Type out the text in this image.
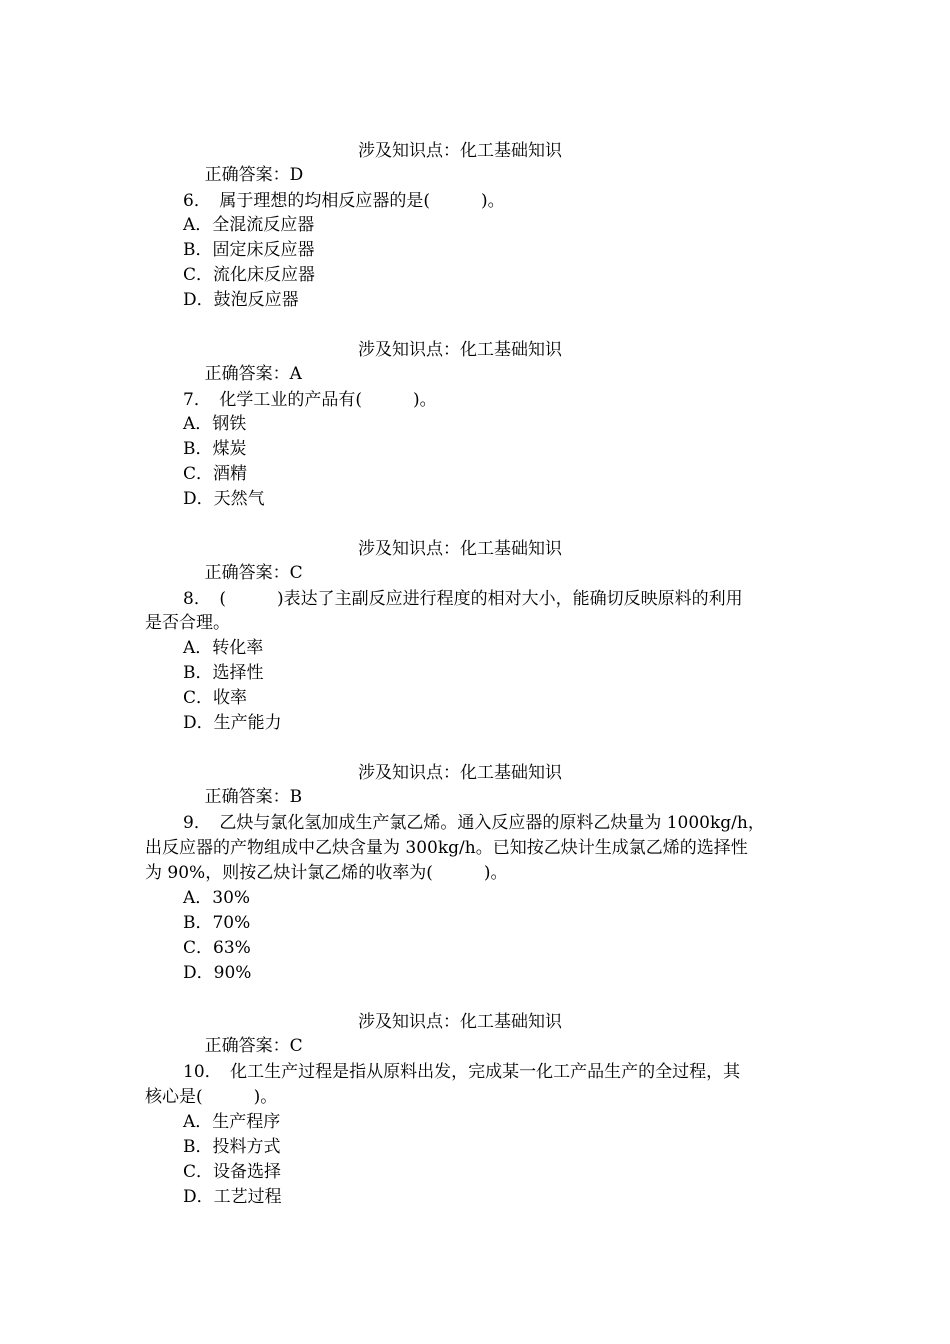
正确答案：D
涉及知识点：化工基础知识

6．　属于理想的均相反应器的是(　　　)。
A．全混流反应器
B．固定床反应器
C．流化床反应器
D．鼓泡反应器

正确答案：A
涉及知识点：化工基础知识

7．　化学工业的产品有(　　　)。
A．钢铁
B．煤炭
C．酒精
D．天然气

正确答案：C
涉及知识点：化工基础知识

8．　(　　　)表达了主副反应进行程度的相对大小，能确切反映原料的利用
是否合理。
A．转化率
B．选择性
C．收率
D．生产能力

正确答案：B
涉及知识点：化工基础知识

9．　乙炔与氯化氢加成生产氯乙烯。通入反应器的原料乙炔量为 1000kg/h，
出反应器的产物组成中乙炔含量为 300kg/h。已知按乙炔计生成氯乙烯的选择性
为 90%，则按乙炔计氯乙烯的收率为(　　　)。
A．30%
B．70%
C．63%
D．90%

正确答案：C
涉及知识点：化工基础知识

10．　化工生产过程是指从原料出发，完成某一化工产品生产的全过程，其
核心是(　　　)。
A．生产程序
B．投料方式
C．设备选择
D．工艺过程
